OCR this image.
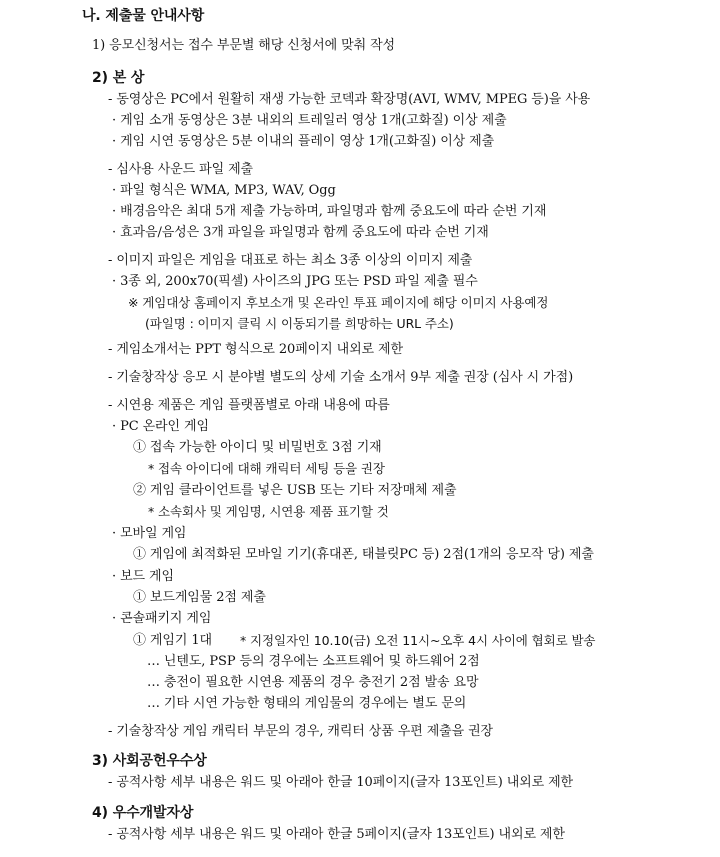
나. 제출물 안내사항
1) 응모신청서는 접수 부문별 해당 신청서에 맞춰 작성
2) 본 상
- 동영상은 PC에서 원활히 재생 가능한 코덱과 확장명(AVI, WMV, MPEG 등)을 사용
· 게임 소개 동영상은 3분 내외의 트레일러 영상 1개(고화질) 이상 제출
· 게임 시연 동영상은 5분 이내의 플레이 영상 1개(고화질) 이상 제출
- 심사용 사운드 파일 제출
· 파일 형식은 WMA, MP3, WAV, Ogg
· 배경음악은 최대 5개 제출 가능하며, 파일명과 함께 중요도에 따라 순번 기재
· 효과음/음성은 3개 파일을 파일명과 함께 중요도에 따라 순번 기재
- 이미지 파일은 게임을 대표로 하는 최소 3종 이상의 이미지 제출
· 3종 외, 200x70(픽셀) 사이즈의 JPG 또는 PSD 파일 제출 필수
※ 게임대상 홈페이지 후보소개 및 온라인 투표 페이지에 해당 이미지 사용예정
(파일명 : 이미지 클릭 시 이동되기를 희망하는 URL 주소)
- 게임소개서는 PPT 형식으로 20페이지 내외로 제한
- 기술창작상 응모 시 분야별 별도의 상세 기술 소개서 9부 제출 권장 (심사 시 가점)
- 시연용 제품은 게임 플랫폼별로 아래 내용에 따름
· PC 온라인 게임
① 접속 가능한 아이디 및 비밀번호 3점 기재
* 접속 아이디에 대해 캐릭터 세팅 등을 권장
② 게임 클라이언트를 넣은 USB 또는 기타 저장매체 제출
* 소속회사 및 게임명, 시연용 제품 표기할 것
· 모바일 게임
① 게임에 최적화된 모바일 기기(휴대폰, 태블릿PC 등) 2점(1개의 응모작 당) 제출
· 보드 게임
① 보드게임물 2점 제출
· 콘솔패키지 게임
① 게임기 1대 * 지정일자인 10.10(금) 오전 11시~오후 4시 사이에 협회로 발송
… 닌텐도, PSP 등의 경우에는 소프트웨어 및 하드웨어 2점
… 충전이 필요한 시연용 제품의 경우 충전기 2점 발송 요망
… 기타 시연 가능한 형태의 게임물의 경우에는 별도 문의
- 기술창작상 게임 캐릭터 부문의 경우, 캐릭터 상품 우편 제출을 권장
3) 사회공헌우수상
- 공적사항 세부 내용은 워드 및 아래아 한글 10페이지(글자 13포인트) 내외로 제한
4) 우수개발자상
- 공적사항 세부 내용은 워드 및 아래아 한글 5페이지(글자 13포인트) 내외로 제한
